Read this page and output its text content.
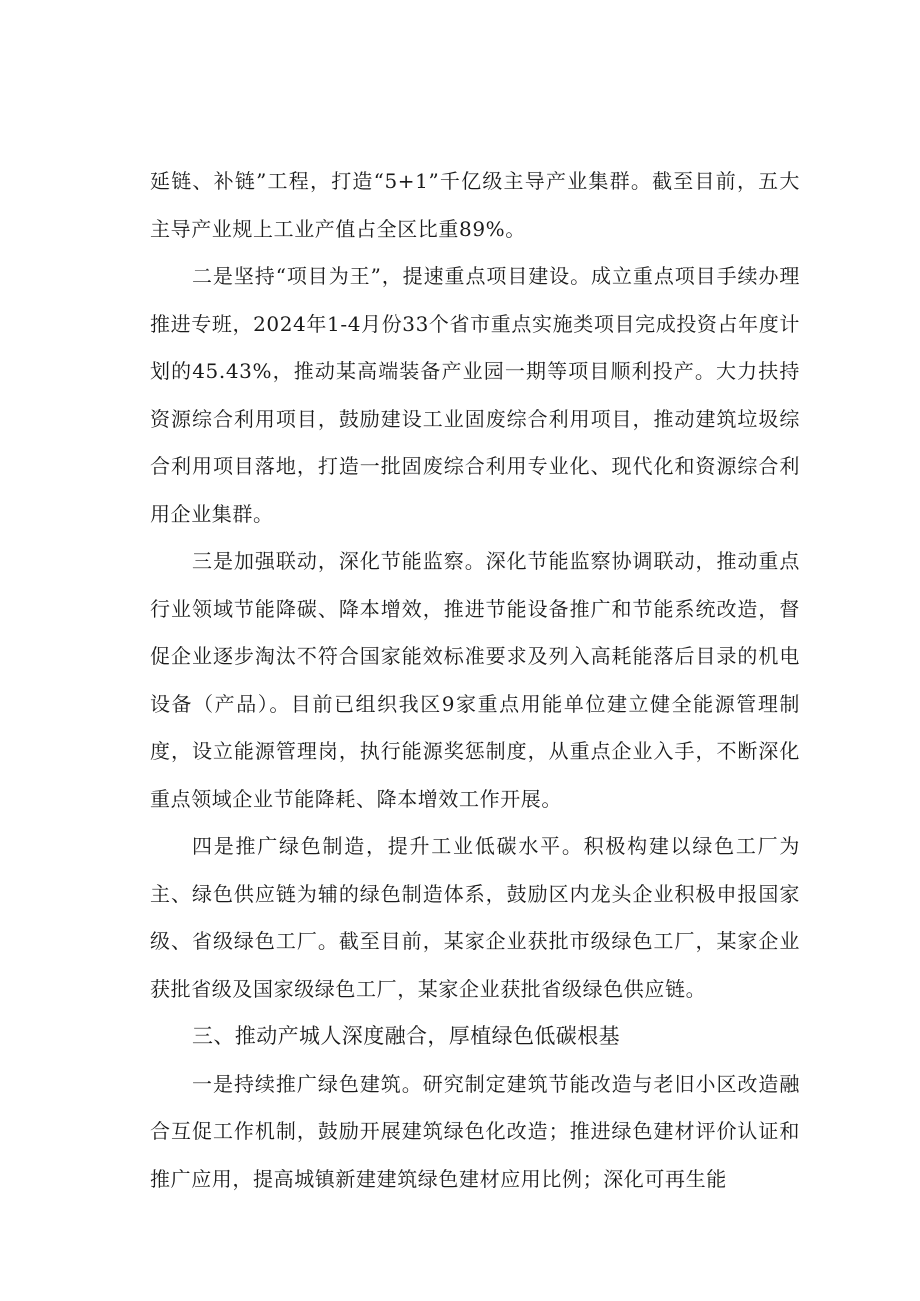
延链、补链”工程，打造“5+1”千亿级主导产业集群。截至目前，五大主导产业规上工业产值占全区比重89%。

二是坚持“项目为王”，提速重点项目建设。成立重点项目手续办理推进专班，2024年1-4月份33个省市重点实施类项目完成投资占年度计划的45.43%，推动某高端装备产业园一期等项目顺利投产。大力扶持资源综合利用项目，鼓励建设工业固废综合利用项目，推动建筑垃圾综合利用项目落地，打造一批固废综合利用专业化、现代化和资源综合利用企业集群。

三是加强联动，深化节能监察。深化节能监察协调联动，推动重点行业领域节能降碳、降本增效，推进节能设备推广和节能系统改造，督促企业逐步淘汰不符合国家能效标准要求及列入高耗能落后目录的机电设备（产品）。目前已组织我区9家重点用能单位建立健全能源管理制度，设立能源管理岗，执行能源奖惩制度，从重点企业入手，不断深化重点领域企业节能降耗、降本增效工作开展。

四是推广绿色制造，提升工业低碳水平。积极构建以绿色工厂为主、绿色供应链为辅的绿色制造体系，鼓励区内龙头企业积极申报国家级、省级绿色工厂。截至目前，某家企业获批市级绿色工厂，某家企业获批省级及国家级绿色工厂，某家企业获批省级绿色供应链。

三、推动产城人深度融合，厚植绿色低碳根基

一是持续推广绿色建筑。研究制定建筑节能改造与老旧小区改造融合互促工作机制，鼓励开展建筑绿色化改造；推进绿色建材评价认证和推广应用，提高城镇新建建筑绿色建材应用比例；深化可再生能
